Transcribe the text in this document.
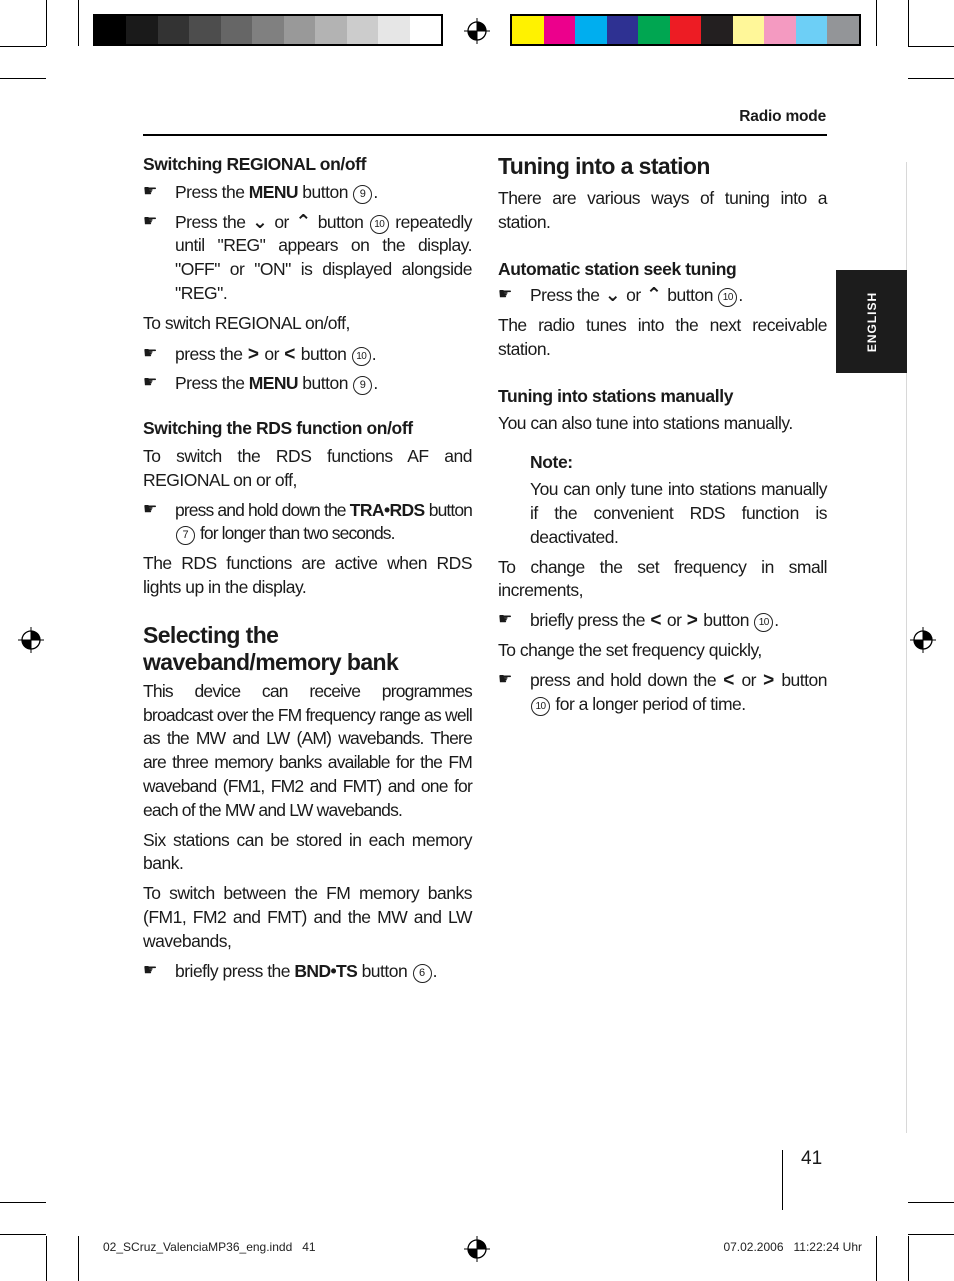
Radio mode
ENGLISH

Switching REGIONAL on/off

☛ Press the MENU button 9 .

☛ Press the ⌄ or ⌃ button 10 repeatedly until "REG" appears on the display. "OFF" or "ON" is displayed alongside "REG".

To switch REGIONAL on/off,

☛ press the > or < button 10 .

☛ Press the MENU button 9 .

Switching the RDS function on/off

To switch the RDS functions AF and REGIONAL on or off,

☛ press and hold down the TRA•RDS button 7 for longer than two seconds.

The RDS functions are active when RDS lights up in the display.

Selecting the waveband/memory bank

This device can receive programmes broadcast over the FM frequency range as well as the MW and LW (AM) wavebands. There are three memory banks available for the FM waveband (FM1, FM2 and FMT) and one for each of the MW and LW wavebands.

Six stations can be stored in each memory bank.

To switch between the FM memory banks (FM1, FM2 and FMT) and the MW and LW wavebands,

☛ briefly press the BND•TS button 6 .

Tuning into a station

There are various ways of tuning into a station.

Automatic station seek tuning

☛ Press the ⌄ or ⌃ button 10 .

The radio tunes into the next receivable station.

Tuning into stations manually

You can also tune into stations manually.

Note:

You can only tune into stations manually if the convenient RDS function is deactivated.

To change the set frequency in small increments,

☛ briefly press the < or > button 10 .

To change the set frequency quickly,

☛ press and hold down the < or > button 10 for a longer period of time.

41
02_SCruz_ValenciaMP36_eng.indd   41	07.02.2006   11:22:24 Uhr
